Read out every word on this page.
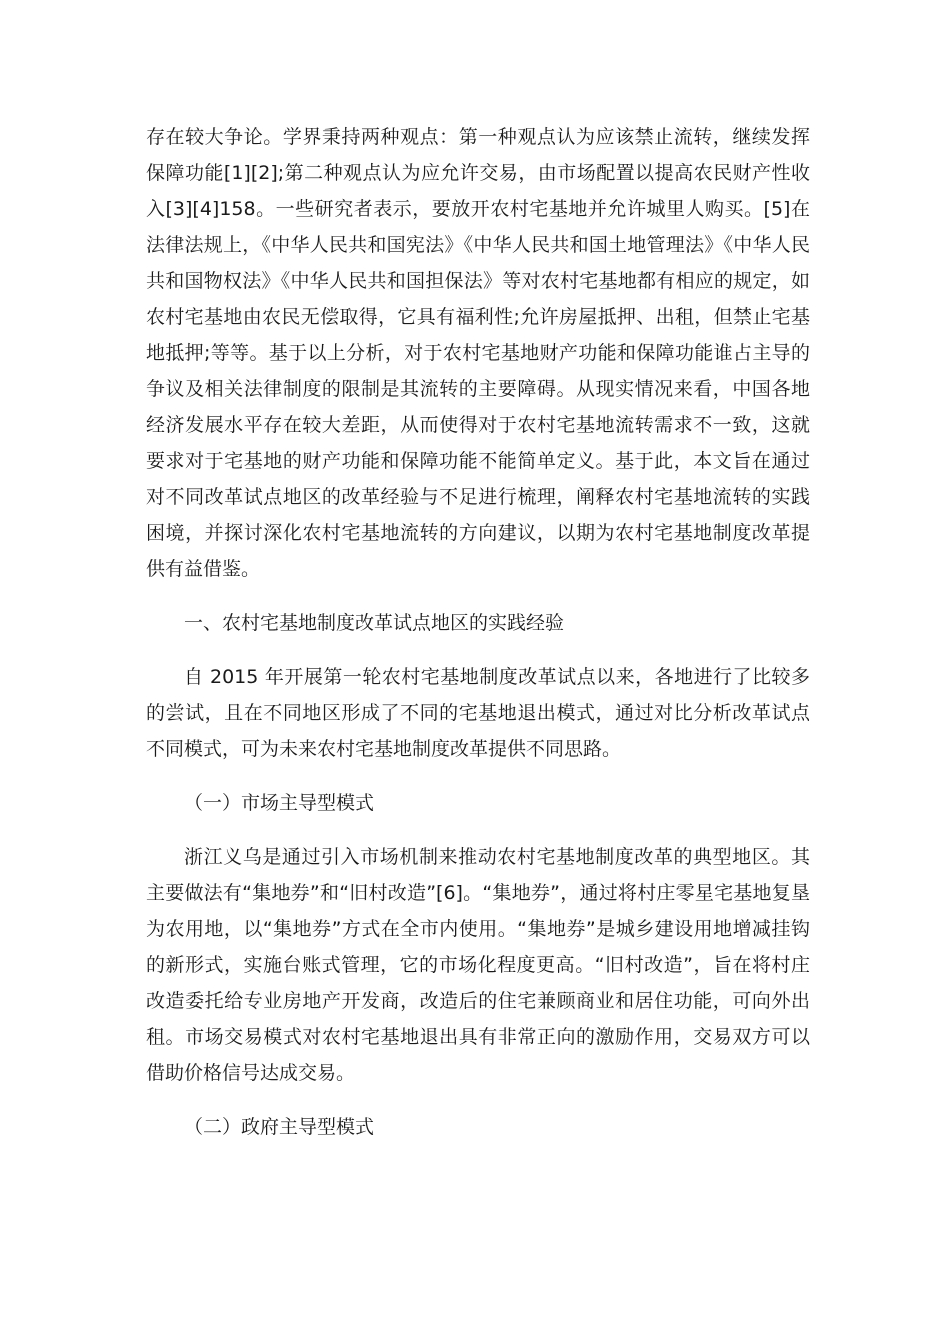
存在较大争论。学界秉持两种观点：第一种观点认为应该禁止流转，继续发挥保障功能[1][2];第二种观点认为应允许交易，由市场配置以提高农民财产性收入[3][4]158。一些研究者表示，要放开农村宅基地并允许城里人购买。[5]在法律法规上，《中华人民共和国宪法》《中华人民共和国土地管理法》《中华人民共和国物权法》《中华人民共和国担保法》等对农村宅基地都有相应的规定，如农村宅基地由农民无偿取得，它具有福利性;允许房屋抵押、出租，但禁止宅基地抵押;等等。基于以上分析，对于农村宅基地财产功能和保障功能谁占主导的争议及相关法律制度的限制是其流转的主要障碍。从现实情况来看，中国各地经济发展水平存在较大差距，从而使得对于农村宅基地流转需求不一致，这就要求对于宅基地的财产功能和保障功能不能简单定义。基于此，本文旨在通过对不同改革试点地区的改革经验与不足进行梳理，阐释农村宅基地流转的实践困境，并探讨深化农村宅基地流转的方向建议，以期为农村宅基地制度改革提供有益借鉴。

一、农村宅基地制度改革试点地区的实践经验

自 2015 年开展第一轮农村宅基地制度改革试点以来，各地进行了比较多的尝试，且在不同地区形成了不同的宅基地退出模式，通过对比分析改革试点不同模式，可为未来农村宅基地制度改革提供不同思路。

（一）市场主导型模式

浙江义乌是通过引入市场机制来推动农村宅基地制度改革的典型地区。其主要做法有“集地券”和“旧村改造”[6]。“集地券”，通过将村庄零星宅基地复垦为农用地，以“集地券”方式在全市内使用。“集地券”是城乡建设用地增减挂钩的新形式，实施台账式管理，它的市场化程度更高。“旧村改造”，旨在将村庄改造委托给专业房地产开发商，改造后的住宅兼顾商业和居住功能，可向外出租。市场交易模式对农村宅基地退出具有非常正向的激励作用，交易双方可以借助价格信号达成交易。

（二）政府主导型模式
